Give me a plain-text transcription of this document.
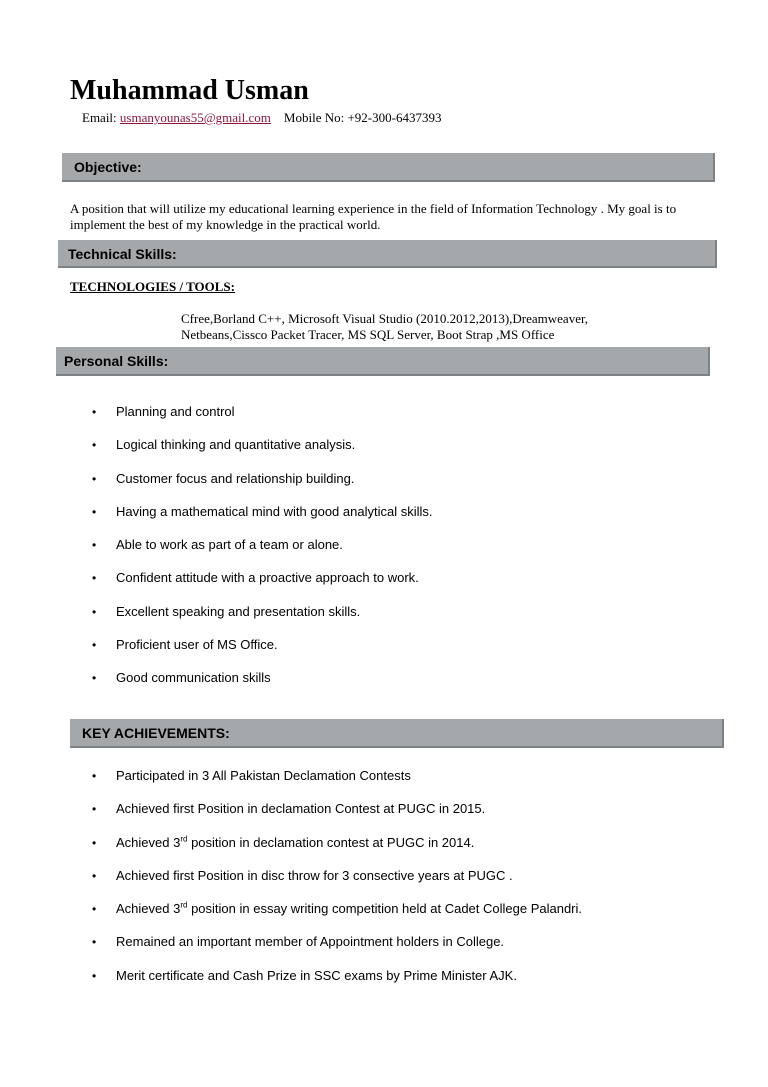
Muhammad Usman
Email: usmanyounas55@gmail.com Mobile No: +92-300-6437393
Objective:
A position that will utilize my educational learning experience in the field of Information Technology . My goal is to implement the best of my knowledge in the practical world.
Technical Skills:
TECHNOLOGIES / TOOLS:
Cfree,Borland C++, Microsoft Visual Studio (2010.2012,2013),Dreamweaver,
Netbeans,Cissco Packet Tracer, MS SQL Server, Boot Strap ,MS Office
Personal Skills:
• Planning and control
• Logical thinking and quantitative analysis.
• Customer focus and relationship building.
• Having a mathematical mind with good analytical skills.
• Able to work as part of a team or alone.
• Confident attitude with a proactive approach to work.
• Excellent speaking and presentation skills.
• Proficient user of MS Office.
• Good communication skills
KEY ACHIEVEMENTS:
• Participated in 3 All Pakistan Declamation Contests
• Achieved first Position in declamation Contest at PUGC in 2015.
• Achieved 3rd position in declamation contest at PUGC in 2014.
• Achieved first Position in disc throw for 3 consective years at PUGC .
• Achieved 3rd position in essay writing competition held at Cadet College Palandri.
• Remained an important member of Appointment holders in College.
• Merit certificate and Cash Prize in SSC exams by Prime Minister AJK.
